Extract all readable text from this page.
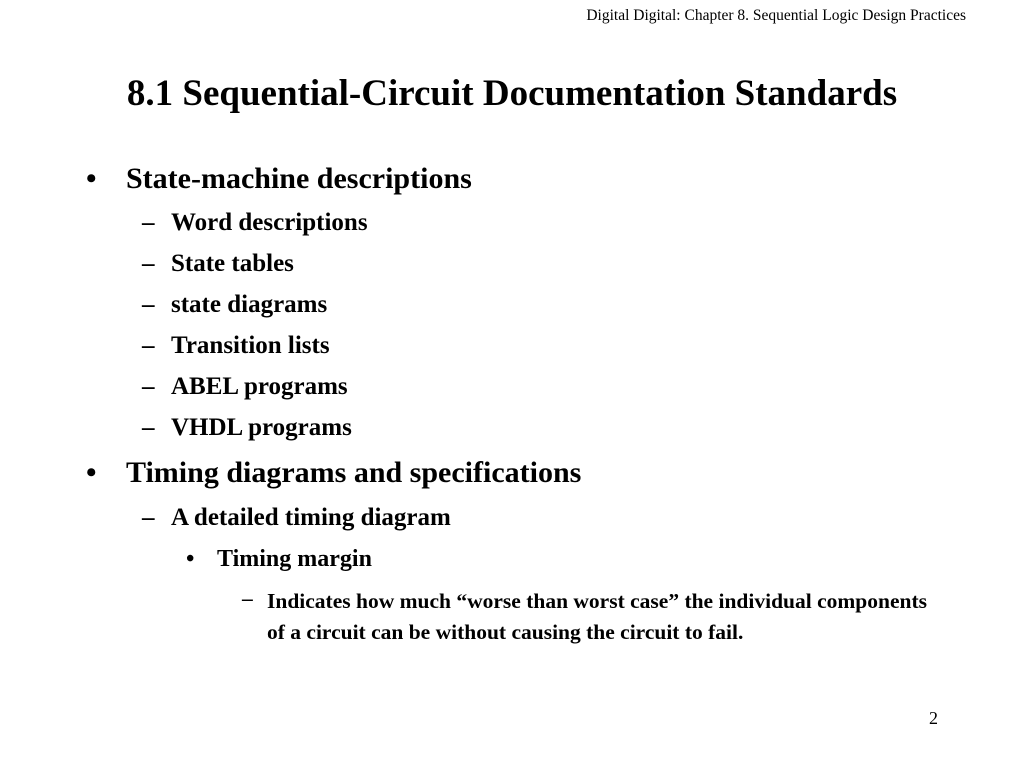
Digital Digital: Chapter 8. Sequential Logic Design Practices
8.1 Sequential-Circuit Documentation Standards
• State-machine descriptions
– Word descriptions
– State tables
– state diagrams
– Transition lists
– ABEL programs
– VHDL programs
• Timing diagrams and specifications
– A detailed timing diagram
• Timing margin
– Indicates how much “worse than worst case” the individual components of a circuit can be without causing the circuit to fail.
2
